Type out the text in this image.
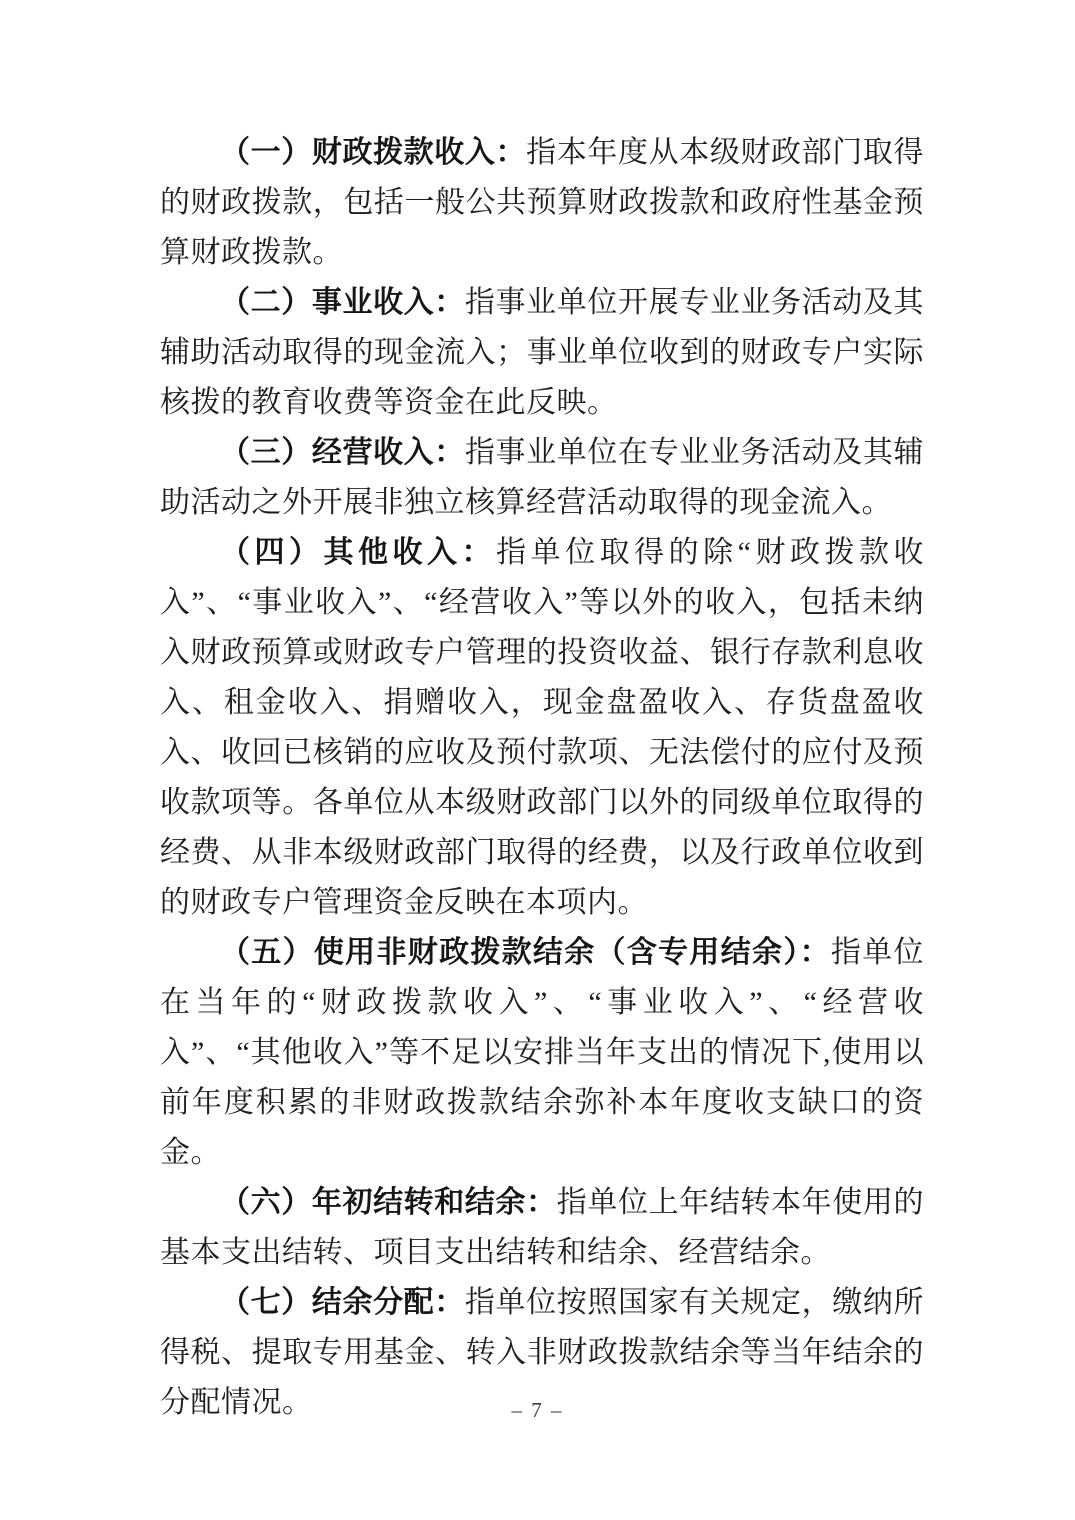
（一）财政拨款收入：指本年度从本级财政部门取得的财政拨款，包括一般公共预算财政拨款和政府性基金预算财政拨款。

（二）事业收入：指事业单位开展专业业务活动及其辅助活动取得的现金流入；事业单位收到的财政专户实际核拨的教育收费等资金在此反映。

（三）经营收入：指事业单位在专业业务活动及其辅助活动之外开展非独立核算经营活动取得的现金流入。

（四）其他收入：指单位取得的除“财政拨款收入”、“事业收入”、“经营收入”等以外的收入，包括未纳入财政预算或财政专户管理的投资收益、银行存款利息收入、租金收入、捐赠收入，现金盘盈收入、存货盘盈收入、收回已核销的应收及预付款项、无法偿付的应付及预收款项等。各单位从本级财政部门以外的同级单位取得的经费、从非本级财政部门取得的经费，以及行政单位收到的财政专户管理资金反映在本项内。

（五）使用非财政拨款结余（含专用结余）：指单位在当年的“财政拨款收入”、“事业收入”、“经营收入”、“其他收入”等不足以安排当年支出的情况下,使用以前年度积累的非财政拨款结余弥补本年度收支缺口的资金。

（六）年初结转和结余：指单位上年结转本年使用的基本支出结转、项目支出结转和结余、经营结余。

（七）结余分配：指单位按照国家有关规定，缴纳所得税、提取专用基金、转入非财政拨款结余等当年结余的分配情况。	– 7 –
